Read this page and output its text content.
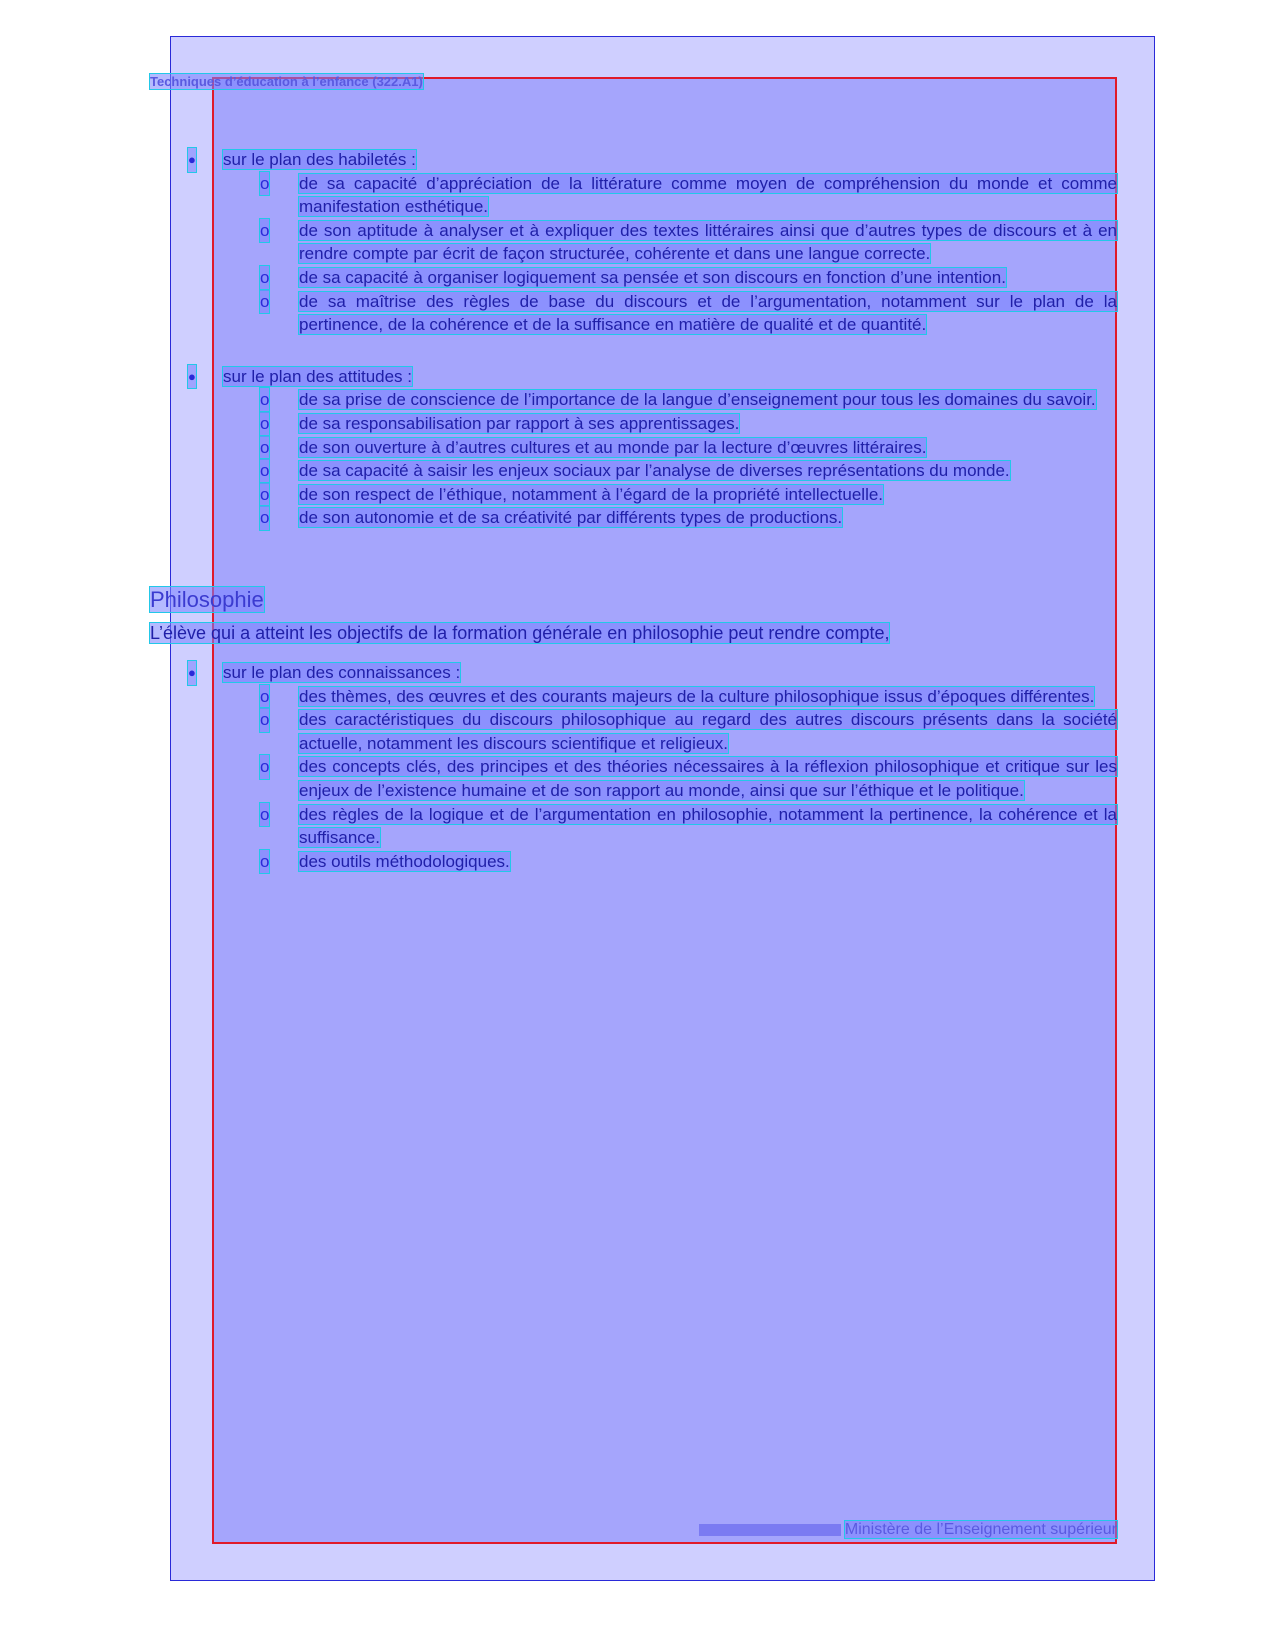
Techniques d’éducation à l’enfance (322.A1)

● sur le plan des habiletés :

o de sa capacité d’appréciation de la littérature comme moyen de compréhension du monde et comme manifestation esthétique.
o de son aptitude à analyser et à expliquer des textes littéraires ainsi que d’autres types de discours et à en rendre compte par écrit de façon structurée, cohérente et dans une langue correcte.
o de sa capacité à organiser logiquement sa pensée et son discours en fonction d’une intention.
o de sa maîtrise des règles de base du discours et de l’argumentation, notamment sur le plan de la pertinence, de la cohérence et de la suffisance en matière de qualité et de quantité.

● sur le plan des attitudes :

o de sa prise de conscience de l’importance de la langue d’enseignement pour tous les domaines du savoir.
o de sa responsabilisation par rapport à ses apprentissages.
o de son ouverture à d’autres cultures et au monde par la lecture d’œuvres littéraires.
o de sa capacité à saisir les enjeux sociaux par l’analyse de diverses représentations du monde.
o de son respect de l’éthique, notamment à l’égard de la propriété intellectuelle.
o de son autonomie et de sa créativité par différents types de productions.

Philosophie

L’élève qui a atteint les objectifs de la formation générale en philosophie peut rendre compte,

● sur le plan des connaissances :

o des thèmes, des œuvres et des courants majeurs de la culture philosophique issus d’époques différentes.
o des caractéristiques du discours philosophique au regard des autres discours présents dans la société actuelle, notamment les discours scientifique et religieux.
o des concepts clés, des principes et des théories nécessaires à la réflexion philosophique et critique sur les enjeux de l’existence humaine et de son rapport au monde, ainsi que sur l’éthique et le politique.
o des règles de la logique et de l’argumentation en philosophie, notamment la pertinence, la cohérence et la suffisance.
o des outils méthodologiques.
Ministère de l’Enseignement supérieur
